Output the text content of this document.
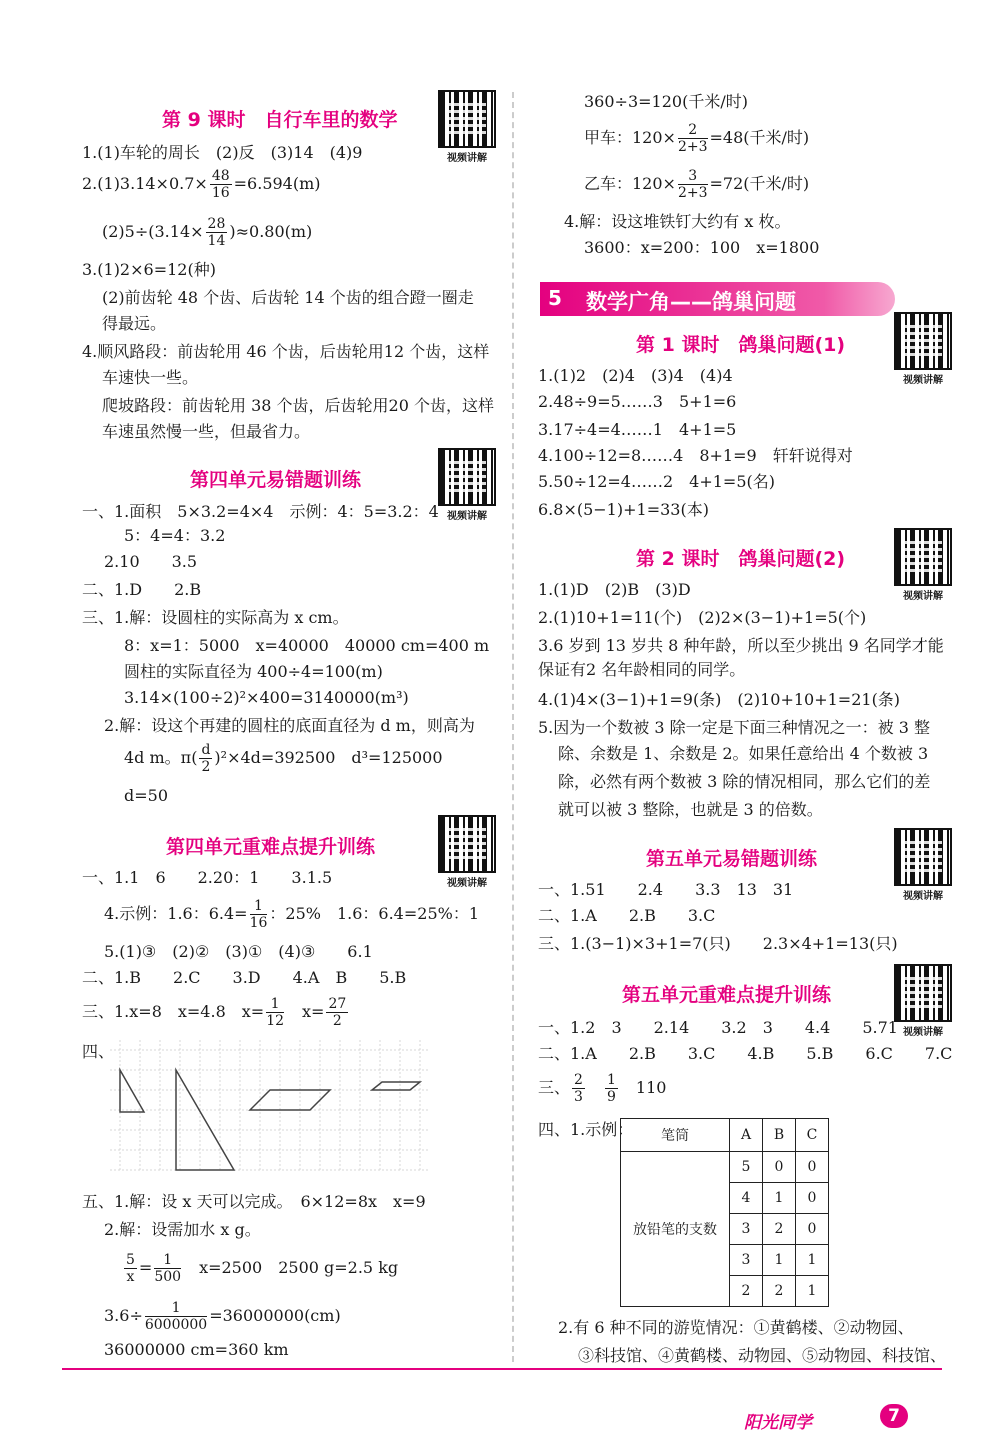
第 9 课时　自行车里的数学
视频讲解
1.(1)车轮的周长　(2)反　(3)14　(4)9
$2.(1)3.14\times 0.7\times \frac{48}{16} =6.594(m)$
$(2)5\div(3.14\times \frac{28}{14} )\approx 0.80(m)$
3.(1)2×6=12(种)
(2)前齿轮 48 个齿、后齿轮 14 个齿的组合蹬一圈走
得最远。
4.顺风路段：前齿轮用 46 个齿，后齿轮用12 个齿，这样
车速快一些。
爬坡路段：前齿轮用 38 个齿，后齿轮用20 个齿，这样
车速虽然慢一些，但最省力。
第四单元易错题训练
视频讲解
一、1.面积　5×3.2=4×4　示例：4：5=3.2：4
5：4=4：3.2
2.10　　3.5
二、1.D　　2.B
三、1.解：设圆柱的实际高为 x cm。
8：x=1：5000　x=40000　40000 cm=400 m
圆柱的实际直径为 400÷4=100(m)
3.14×(100÷2)²×400=3140000(m³)
2.解：设这个再建的圆柱的底面直径为 d m，则高为
4d m。$\pi( \frac{d}{2} )^2\times 4d=392500$　d³=125000
d=50
第四单元重难点提升训练
视频讲解
一、1.1　6　　2.20：1　　3.1.5
4.示例：1.6：$6.4= \frac{1}{16}$ ：25%　1.6：6.4=25%：1
5.(1)③　(2)②　(3)①　(4)③　　6.1
二、1.B　　2.C　　3.D　　4.A　B　　5.B
三、1.x=8　x=4.8　$x= \frac{1}{12}$ 　$x= \frac{27}{2}$
四、
五、1.解：设 x 天可以完成。　6×12=8x　x=9
2.解：设需加水 x g。
$\frac{5}{x} = \frac{1}{500}$ 　x=2500　2500 g=2.5 kg
$3.6\div \frac{1}{6000000} =36000000(cm)$
36000000 cm=360 km
360÷3=120(千米/时)
甲车：$120\times \frac{2}{2+3} =48$(千米/时)
乙车：$120\times \frac{3}{2+3} =72$(千米/时)
4.解：设这堆铁钉大约有 x 枚。
3600：x=200：100　x=1800
5 数学广角——鸽巢问题
第 1 课时　鸽巢问题(1)
视频讲解
1.(1)2　(2)4　(3)4　(4)4
2.48÷9=5……3　5+1=6
3.17÷4=4……1　4+1=5
4.100÷12=8……4　8+1=9　轩轩说得对
5.50÷12=4……2　4+1=5(名)
6.8×(5−1)+1=33(本)
第 2 课时　鸽巢问题(2)
视频讲解
1.(1)D　(2)B　(3)D
2.(1)10+1=11(个)　(2)2×(3−1)+1=5(个)
3.6 岁到 13 岁共 8 种年龄，所以至少挑出 9 名同学才能
保证有2 名年龄相同的同学。
4.(1)4×(3−1)+1=9(条)　(2)10+10+1=21(条)
5.因为一个数被 3 除一定是下面三种情况之一：被 3 整
除、余数是 1、余数是 2。如果任意给出 4 个数被 3
除，必然有两个数被 3 除的情况相同，那么它们的差
就可以被 3 整除，也就是 3 的倍数。
第五单元易错题训练
视频讲解
一、1.51　　2.4　　3.3　13　31
二、1.A　　2.B　　3.C
三、1.(3−1)×3+1=7(只)　　2.3×4+1=13(只)
第五单元重难点提升训练
视频讲解
一、1.2　3　　2.14　　3.2　3　　4.4　　5.71
二、1.A　　2.B　　3.C　　4.B　　5.B　　6.C　　7.C
三、 $\frac{2}{3}$
　 $\frac{1}{9}$
　 110
四、1.示例： 笔筒	A	B	C
放铅笔的支数	5	0	0
	4	1	0
	3	2	0
	3	1	1
	2	2	1
2.有 6 种不同的游览情况：①黄鹤楼、②动物园、
③科技馆、④黄鹤楼、动物园、⑤动物园、科技馆、
阳光同学	7
